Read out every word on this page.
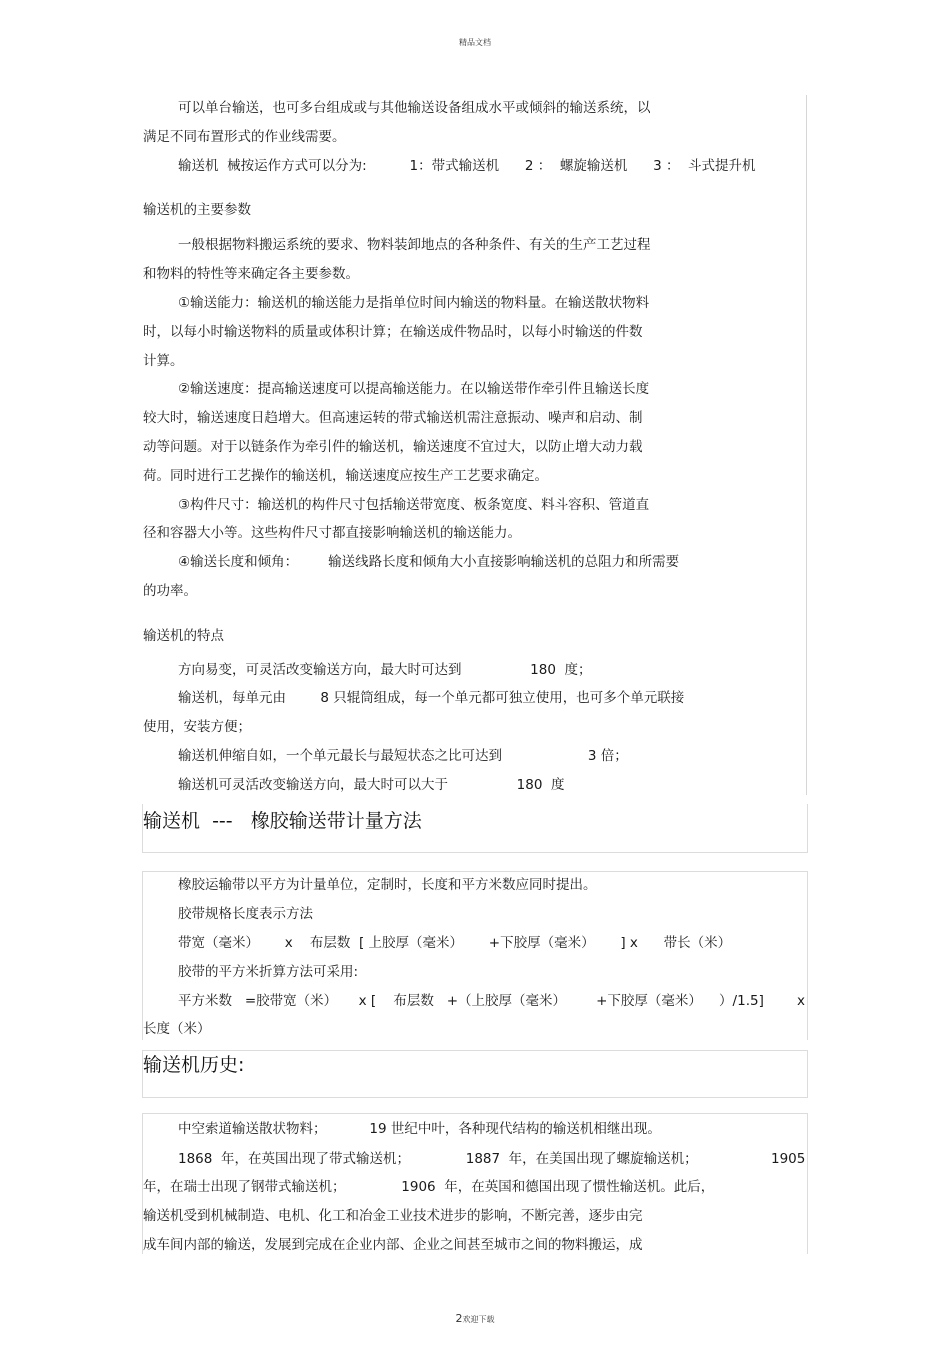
精品文档
可以单台输送，也可多台组成或与其他输送设备组成水平或倾斜的输送系统，以
满足不同布置形式的作业线需要。
输送机  械按运作方式可以分为:          1：带式输送机      2 ：  螺旋输送机      3 ：  斗式提升机
输送机的主要参数
一般根据物料搬运系统的要求、物料装卸地点的各种条件、有关的生产工艺过程
和物料的特性等来确定各主要参数。
①输送能力：输送机的输送能力是指单位时间内输送的物料量。在输送散状物料
时，以每小时输送物料的质量或体积计算；在输送成件物品时，以每小时输送的件数
计算。
②输送速度：提高输送速度可以提高输送能力。在以输送带作牵引件且输送长度
较大时，输送速度日趋增大。但高速运转的带式输送机需注意振动、噪声和启动、制
动等问题。对于以链条作为牵引件的输送机，输送速度不宜过大，以防止增大动力载
荷。同时进行工艺操作的输送机，输送速度应按生产工艺要求确定。
③构件尺寸：输送机的构件尺寸包括输送带宽度、板条宽度、料斗容积、管道直
径和容器大小等。这些构件尺寸都直接影响输送机的输送能力。
④输送长度和倾角：       输送线路长度和倾角大小直接影响输送机的总阻力和所需要
的功率。
输送机的特点
方向易变，可灵活改变输送方向，最大时可达到                180  度；
输送机，每单元由        8 只辊筒组成，每一个单元都可独立使用，也可多个单元联接
使用，安装方便；
输送机伸缩自如，一个单元最长与最短状态之比可达到                    3 倍；
输送机可灵活改变输送方向，最大时可以大于                180  度
输送机  ---   橡胶输送带计量方法
橡胶运输带以平方为计量单位，定制时，长度和平方米数应同时提出。
胶带规格长度表示方法
带宽（毫米）      x    布层数  [ 上胶厚（毫米）      +下胶厚（毫米）      ] x      带长（米）
胶带的平方米折算方法可采用:
平方米数   =胶带宽（米）     x [    布层数   +（上胶厚（毫米）       +下胶厚（毫米）    ）/1.5] x
长度（米）
输送机历史:
中空索道输送散状物料；          19 世纪中叶，各种现代结构的输送机相继出现。
1868  年，在英国出现了带式输送机；             1887  年，在美国出现了螺旋输送机；	1905
年，在瑞士出现了钢带式输送机；             1906  年，在英国和德国出现了惯性输送机。此后，
输送机受到机械制造、电机、化工和冶金工业技术进步的影响，不断完善，逐步由完
成车间内部的输送，发展到完成在企业内部、企业之间甚至城市之间的物料搬运，成
2欢迎下载
